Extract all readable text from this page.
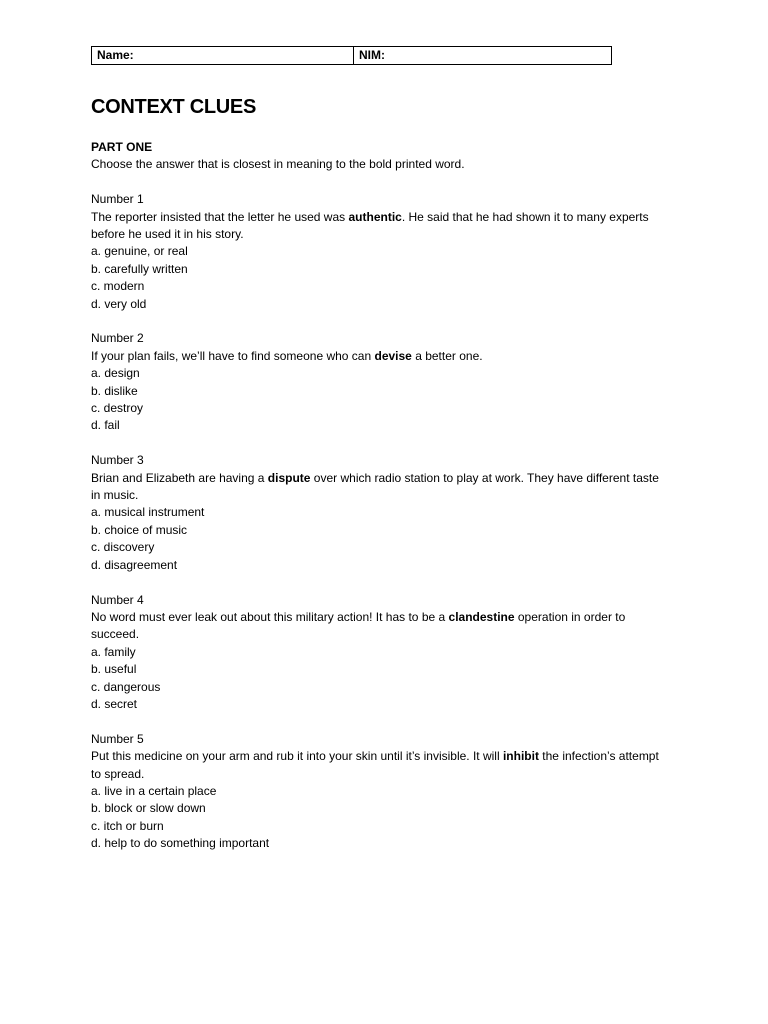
Name:	NIM:
CONTEXT CLUES
PART ONE
Choose the answer that is closest in meaning to the bold printed word.
Number 1
The reporter insisted that the letter he used was authentic. He said that he had shown it to many experts before he used it in his story.
a. genuine, or real
b. carefully written
c. modern
d. very old
Number 2
If your plan fails, we’ll have to find someone who can devise a better one.
a. design
b. dislike
c. destroy
d. fail
Number 3
Brian and Elizabeth are having a dispute over which radio station to play at work. They have different taste in music.
a. musical instrument
b. choice of music
c. discovery
d. disagreement
Number 4
No word must ever leak out about this military action! It has to be a clandestine operation in order to succeed.
a. family
b. useful
c. dangerous
d. secret
Number 5
Put this medicine on your arm and rub it into your skin until it’s invisible. It will inhibit the infection’s attempt to spread.
a. live in a certain place
b. block or slow down
c. itch or burn
d. help to do something important
